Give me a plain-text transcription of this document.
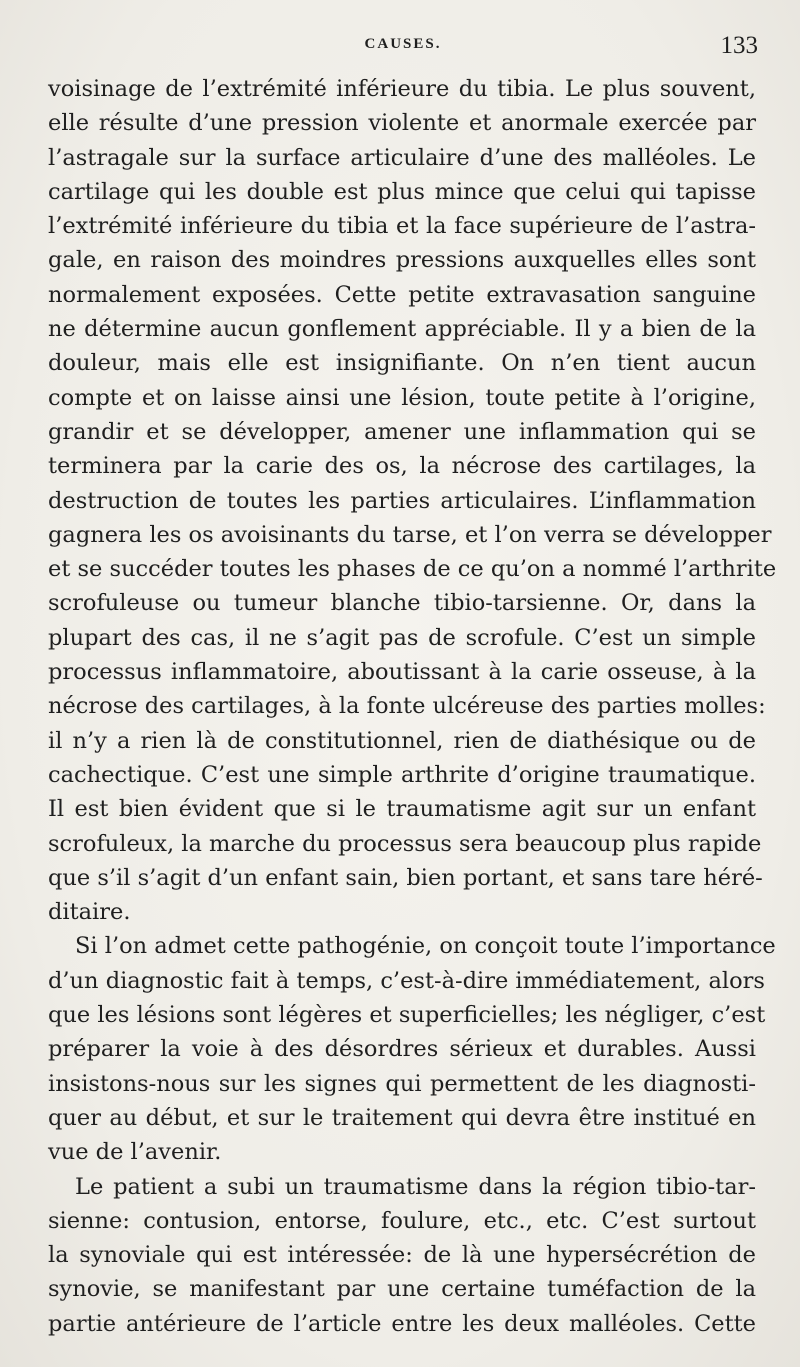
CAUSES.	133
voisinage de l’extrémité inférieure du tibia. Le plus souvent,
elle résulte d’une pression violente et anormale exercée par
l’astragale sur la surface articulaire d’une des malléoles. Le
cartilage qui les double est plus mince que celui qui tapisse
l’extrémité inférieure du tibia et la face supérieure de l’astra-
gale, en raison des moindres pressions auxquelles elles sont
normalement exposées. Cette petite extravasation sanguine
ne détermine aucun gonflement appréciable. Il y a bien de la
douleur, mais elle est insignifiante. On n’en tient aucun
compte et on laisse ainsi une lésion, toute petite à l’origine,
grandir et se développer, amener une inflammation qui se
terminera par la carie des os, la nécrose des cartilages, la
destruction de toutes les parties articulaires. L’inflammation
gagnera les os avoisinants du tarse, et l’on verra se développer
et se succéder toutes les phases de ce qu’on a nommé l’arthrite
scrofuleuse ou tumeur blanche tibio-tarsienne. Or, dans la
plupart des cas, il ne s’agit pas de scrofule. C’est un simple
processus inflammatoire, aboutissant à la carie osseuse, à la
nécrose des cartilages, à la fonte ulcéreuse des parties molles:
il n’y a rien là de constitutionnel, rien de diathésique ou de
cachectique. C’est une simple arthrite d’origine traumatique.
Il est bien évident que si le traumatisme agit sur un enfant
scrofuleux, la marche du processus sera beaucoup plus rapide
que s’il s’agit d’un enfant sain, bien portant, et sans tare héré-
ditaire.
Si l’on admet cette pathogénie, on conçoit toute l’importance
d’un diagnostic fait à temps, c’est-à-dire immédiatement, alors
que les lésions sont légères et superficielles; les négliger, c’est
préparer la voie à des désordres sérieux et durables. Aussi
insistons-nous sur les signes qui permettent de les diagnosti-
quer au début, et sur le traitement qui devra être institué en
vue de l’avenir.
Le patient a subi un traumatisme dans la région tibio-tar-
sienne: contusion, entorse, foulure, etc., etc. C’est surtout
la synoviale qui est intéressée: de là une hypersécrétion de
synovie, se manifestant par une certaine tuméfaction de la
partie antérieure de l’article entre les deux malléoles. Cette
